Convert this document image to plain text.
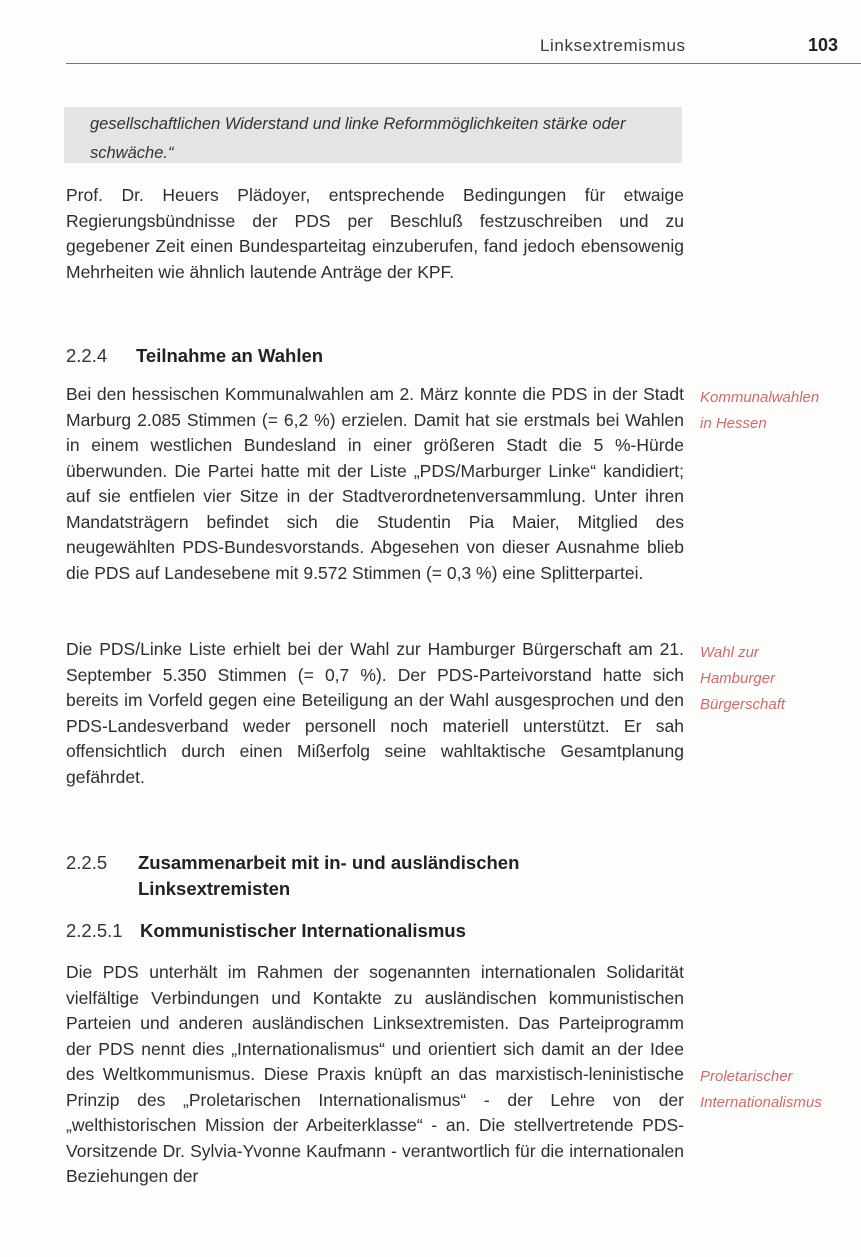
Linksextremismus	103
gesellschaftlichen Widerstand und linke Reformmöglichkeiten stärke oder
schwäche.“

Prof. Dr. Heuers Plädoyer, entsprechende Bedingungen für etwaige Regierungsbündnisse der PDS per Beschluß festzuschreiben und zu gegebener Zeit einen Bundesparteitag einzuberufen, fand jedoch ebensowenig Mehrheiten wie ähnlich lautende Anträge der KPF.

2.2.4 Teilnahme an Wahlen

Bei den hessischen Kommunalwahlen am 2. März konnte die PDS in der Stadt Marburg 2.085 Stimmen (= 6,2 %) erzielen. Damit hat sie erstmals bei Wahlen in einem westlichen Bundesland in einer größeren Stadt die 5 %-Hürde überwunden. Die Partei hatte mit der Liste „PDS/Marburger Linke“ kandidiert; auf sie entfielen vier Sitze in der Stadtverordnetenversammlung. Unter ihren Mandatsträgern befindet sich die Studentin Pia Maier, Mitglied des neugewählten PDS-Bundesvorstands. Abgesehen von dieser Ausnahme blieb die PDS auf Landesebene mit 9.572 Stimmen (= 0,3 %) eine Splitterpartei.

Kommunalwahlen
in Hessen

Die PDS/Linke Liste erhielt bei der Wahl zur Hamburger Bürgerschaft am 21. September 5.350 Stimmen (= 0,7 %). Der PDS-Parteivorstand hatte sich bereits im Vorfeld gegen eine Beteiligung an der Wahl ausgesprochen und den PDS-Landesverband weder personell noch materiell unterstützt. Er sah offensichtlich durch einen Mißerfolg seine wahltaktische Gesamtplanung gefährdet.

Wahl zur
Hamburger
Bürgerschaft
2.2.5 Zusammenarbeit mit in- und ausländischen Linksextremisten
2.2.5.1 Kommunistischer Internationalismus

Die PDS unterhält im Rahmen der sogenannten internationalen Solidarität vielfältige Verbindungen und Kontakte zu ausländischen kommunistischen Parteien und anderen ausländischen Linksextremisten. Das Parteiprogramm der PDS nennt dies „Internationalismus“ und orientiert sich damit an der Idee des Weltkommunismus. Diese Praxis knüpft an das marxistisch-leninistische Prinzip des „Proletarischen Internationalismus“ - der Lehre von der „welthistorischen Mission der Arbeiterklasse“ - an. Die stellvertretende PDS-Vorsitzende Dr. Sylvia-Yvonne Kaufmann - verantwortlich für die internationalen Beziehungen der

Proletarischer
Internationalismus
